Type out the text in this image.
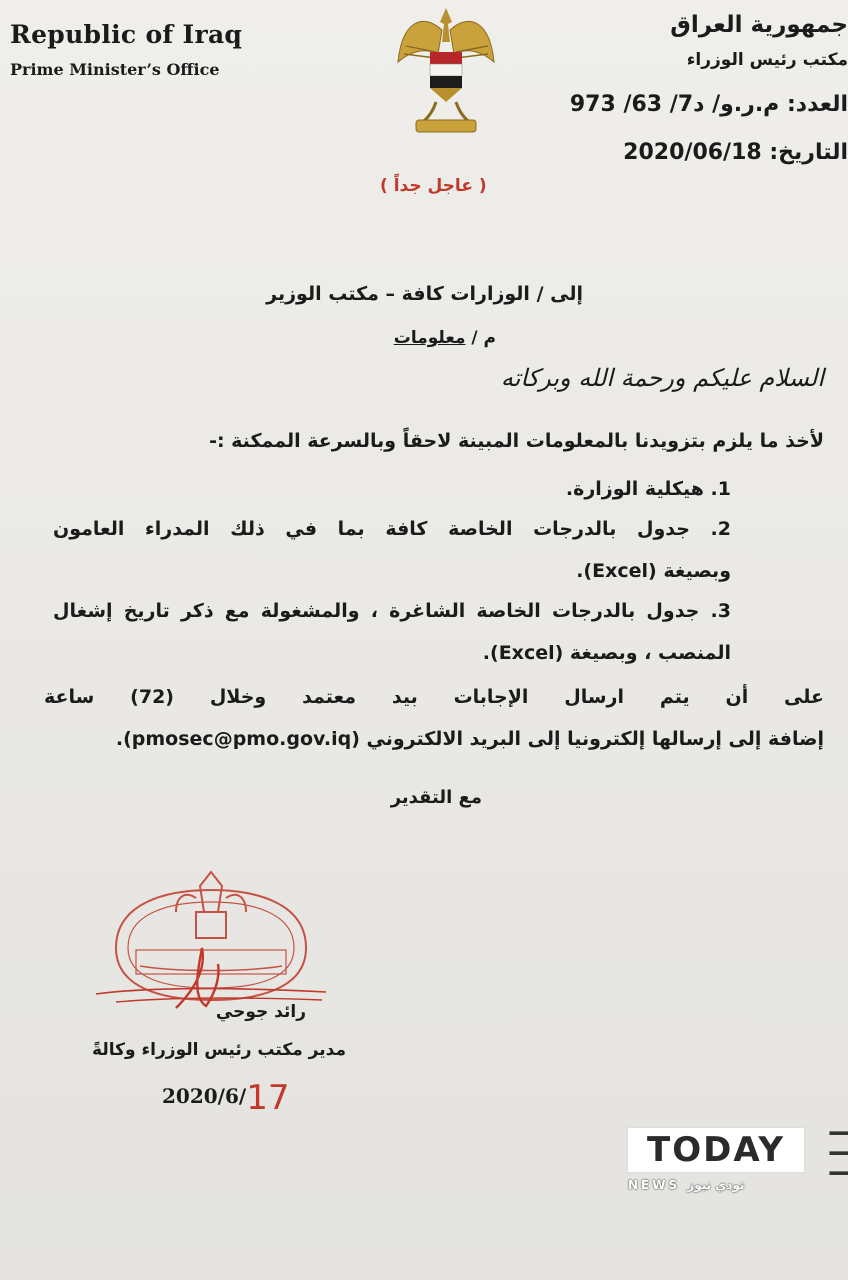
Republic of Iraq
Prime Minister’s Office
جمهورية العراق
مكتب رئيس الوزراء
العدد: م.ر.و/ د7/ 63/ 973
التاريخ: 2020/06/18
( عاجل جداً )
إلى / الوزارات كافة – مكتب الوزير
م / معلومات
السلام عليكم ورحمة الله وبركاته
لأخذ ما يلزم بتزويدنا بالمعلومات المبينة لاحقاً وبالسرعة الممكنة :-
1. هيكلية الوزارة.
2. جدول بالدرجات الخاصة كافة بما في ذلك المدراء العامون
وبصيغة (Excel).
3. جدول بالدرجات الخاصة الشاغرة ، والمشغولة مع ذكر تاريخ إشغال
المنصب ، وبصيغة (Excel).
على أن يتم ارسال الإجابات بيد معتمد وخلال (72) ساعة
إضافة إلى إرسالها إلكترونيا إلى البريد الالكتروني (pmosec@pmo.gov.iq).
مع التقدير
رائد جوحي
مدير مكتب رئيس الوزراء وكالةً
2020/6/17
▂▂
▂▂
▂▂
TODAY
NEWS تودي نيوز
